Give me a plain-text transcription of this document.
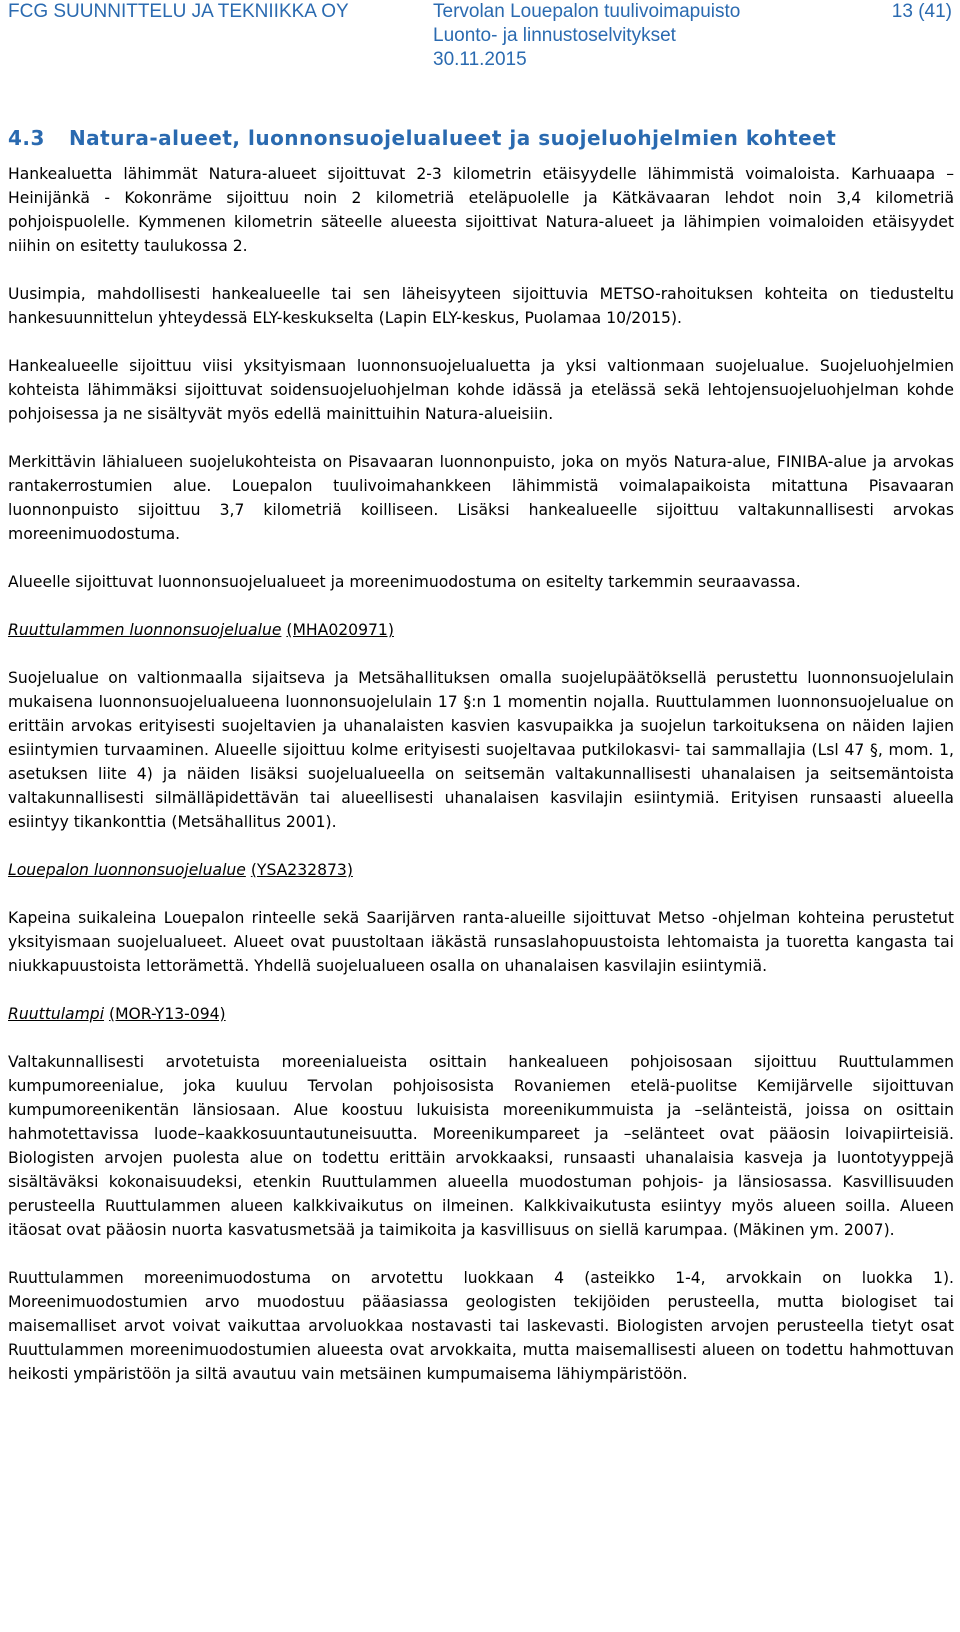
FCG SUUNNITTELU JA TEKNIIKKA OY	Tervolan Louepalon tuulivoimapuisto
Luonto- ja linnustoselvitykset
30.11.2015
13 (41)
4.3 Natura-alueet, luonnonsuojelualueet ja suojeluohjelmien kohteet

Hankealuetta lähimmät Natura-alueet sijoittuvat 2-3 kilometrin etäisyydelle lähimmistä voimaloista. Karhuaapa – Heinijänkä - Kokonräme sijoittuu noin 2 kilometriä eteläpuolelle ja Kätkävaaran lehdot noin 3,4 kilometriä pohjoispuolelle. Kymmenen kilometrin säteelle alueesta sijoittivat Natura-alueet ja lähimpien voimaloiden etäisyydet niihin on esitetty taulukossa 2.

Uusimpia, mahdollisesti hankealueelle tai sen läheisyyteen sijoittuvia METSO-rahoituksen kohteita on tiedusteltu hankesuunnittelun yhteydessä ELY-keskukselta (Lapin ELY-keskus, Puolamaa 10/2015).

Hankealueelle sijoittuu viisi yksityismaan luonnonsuojelualuetta ja yksi valtionmaan suojelualue. Suojeluohjelmien kohteista lähimmäksi sijoittuvat soidensuojeluohjelman kohde idässä ja etelässä sekä lehtojensuojeluohjelman kohde pohjoisessa ja ne sisältyvät myös edellä mainittuihin Natura-alueisiin.

Merkittävin lähialueen suojelukohteista on Pisavaaran luonnonpuisto, joka on myös Natura-alue, FINIBA-alue ja arvokas rantakerrostumien alue. Louepalon tuulivoimahankkeen lähimmistä voimalapaikoista mitattuna Pisavaaran luonnonpuisto sijoittuu 3,7 kilometriä koilliseen. Lisäksi hankealueelle sijoittuu valtakunnallisesti arvokas moreenimuodostuma.

Alueelle sijoittuvat luonnonsuojelualueet ja moreenimuodostuma on esitelty tarkemmin seuraavassa.

Ruuttulammen luonnonsuojelualue (MHA020971)

Suojelualue on valtionmaalla sijaitseva ja Metsähallituksen omalla suojelupäätöksellä perustettu luonnonsuojelulain mukaisena luonnonsuojelualueena luonnonsuojelulain 17 §:n 1 momentin nojalla. Ruuttulammen luonnonsuojelualue on erittäin arvokas erityisesti suojeltavien ja uhanalaisten kasvien kasvupaikka ja suojelun tarkoituksena on näiden lajien esiintymien turvaaminen. Alueelle sijoittuu kolme erityisesti suojeltavaa putkilokasvi- tai sammallajia (Lsl 47 §, mom. 1, asetuksen liite 4) ja näiden lisäksi suojelualueella on seitsemän valtakunnallisesti uhanalaisen ja seitsemäntoista valtakunnallisesti silmälläpidettävän tai alueellisesti uhanalaisen kasvilajin esiintymiä. Erityisen runsaasti alueella esiintyy tikankonttia (Metsähallitus 2001).

Louepalon luonnonsuojelualue (YSA232873)

Kapeina suikaleina Louepalon rinteelle sekä Saarijärven ranta-alueille sijoittuvat Metso -ohjelman kohteina perustetut yksityismaan suojelualueet. Alueet ovat puustoltaan iäkästä runsaslahopuustoista lehtomaista ja tuoretta kangasta tai niukkapuustoista lettorämettä. Yhdellä suojelualueen osalla on uhanalaisen kasvilajin esiintymiä.

Ruuttulampi (MOR-Y13-094)

Valtakunnallisesti arvotetuista moreenialueista osittain hankealueen pohjoisosaan sijoittuu Ruuttulammen kumpumoreenialue, joka kuuluu Tervolan pohjoisosista Rovaniemen etelä-puolitse Kemijärvelle sijoittuvan kumpumoreenikentän länsiosaan. Alue koostuu lukuisista moreenikummuista ja –selänteistä, joissa on osittain hahmotettavissa luode–kaakkosuuntautuneisuutta. Moreenikumpareet ja –selänteet ovat pääosin loivapiirteisiä. Biologisten arvojen puolesta alue on todettu erittäin arvokkaaksi, runsaasti uhanalaisia kasveja ja luontotyyppejä sisältäväksi kokonaisuudeksi, etenkin Ruuttulammen alueella muodostuman pohjois- ja länsiosassa. Kasvillisuuden perusteella Ruuttulammen alueen kalkkivaikutus on ilmeinen. Kalkkivaikutusta esiintyy myös alueen soilla. Alueen itäosat ovat pääosin nuorta kasvatusmetsää ja taimikoita ja kasvillisuus on siellä karumpaa. (Mäkinen ym. 2007).

Ruuttulammen moreenimuodostuma on arvotettu luokkaan 4 (asteikko 1-4, arvokkain on luokka 1). Moreenimuodostumien arvo muodostuu pääasiassa geologisten tekijöiden perusteella, mutta biologiset tai maisemalliset arvot voivat vaikuttaa arvoluokkaa nostavasti tai laskevasti. Biologisten arvojen perusteella tietyt osat Ruuttulammen moreenimuodostumien alueesta ovat arvokkaita, mutta maisemallisesti alueen on todettu hahmottuvan heikosti ympäristöön ja siltä avautuu vain metsäinen kumpumaisema lähiympäristöön.
